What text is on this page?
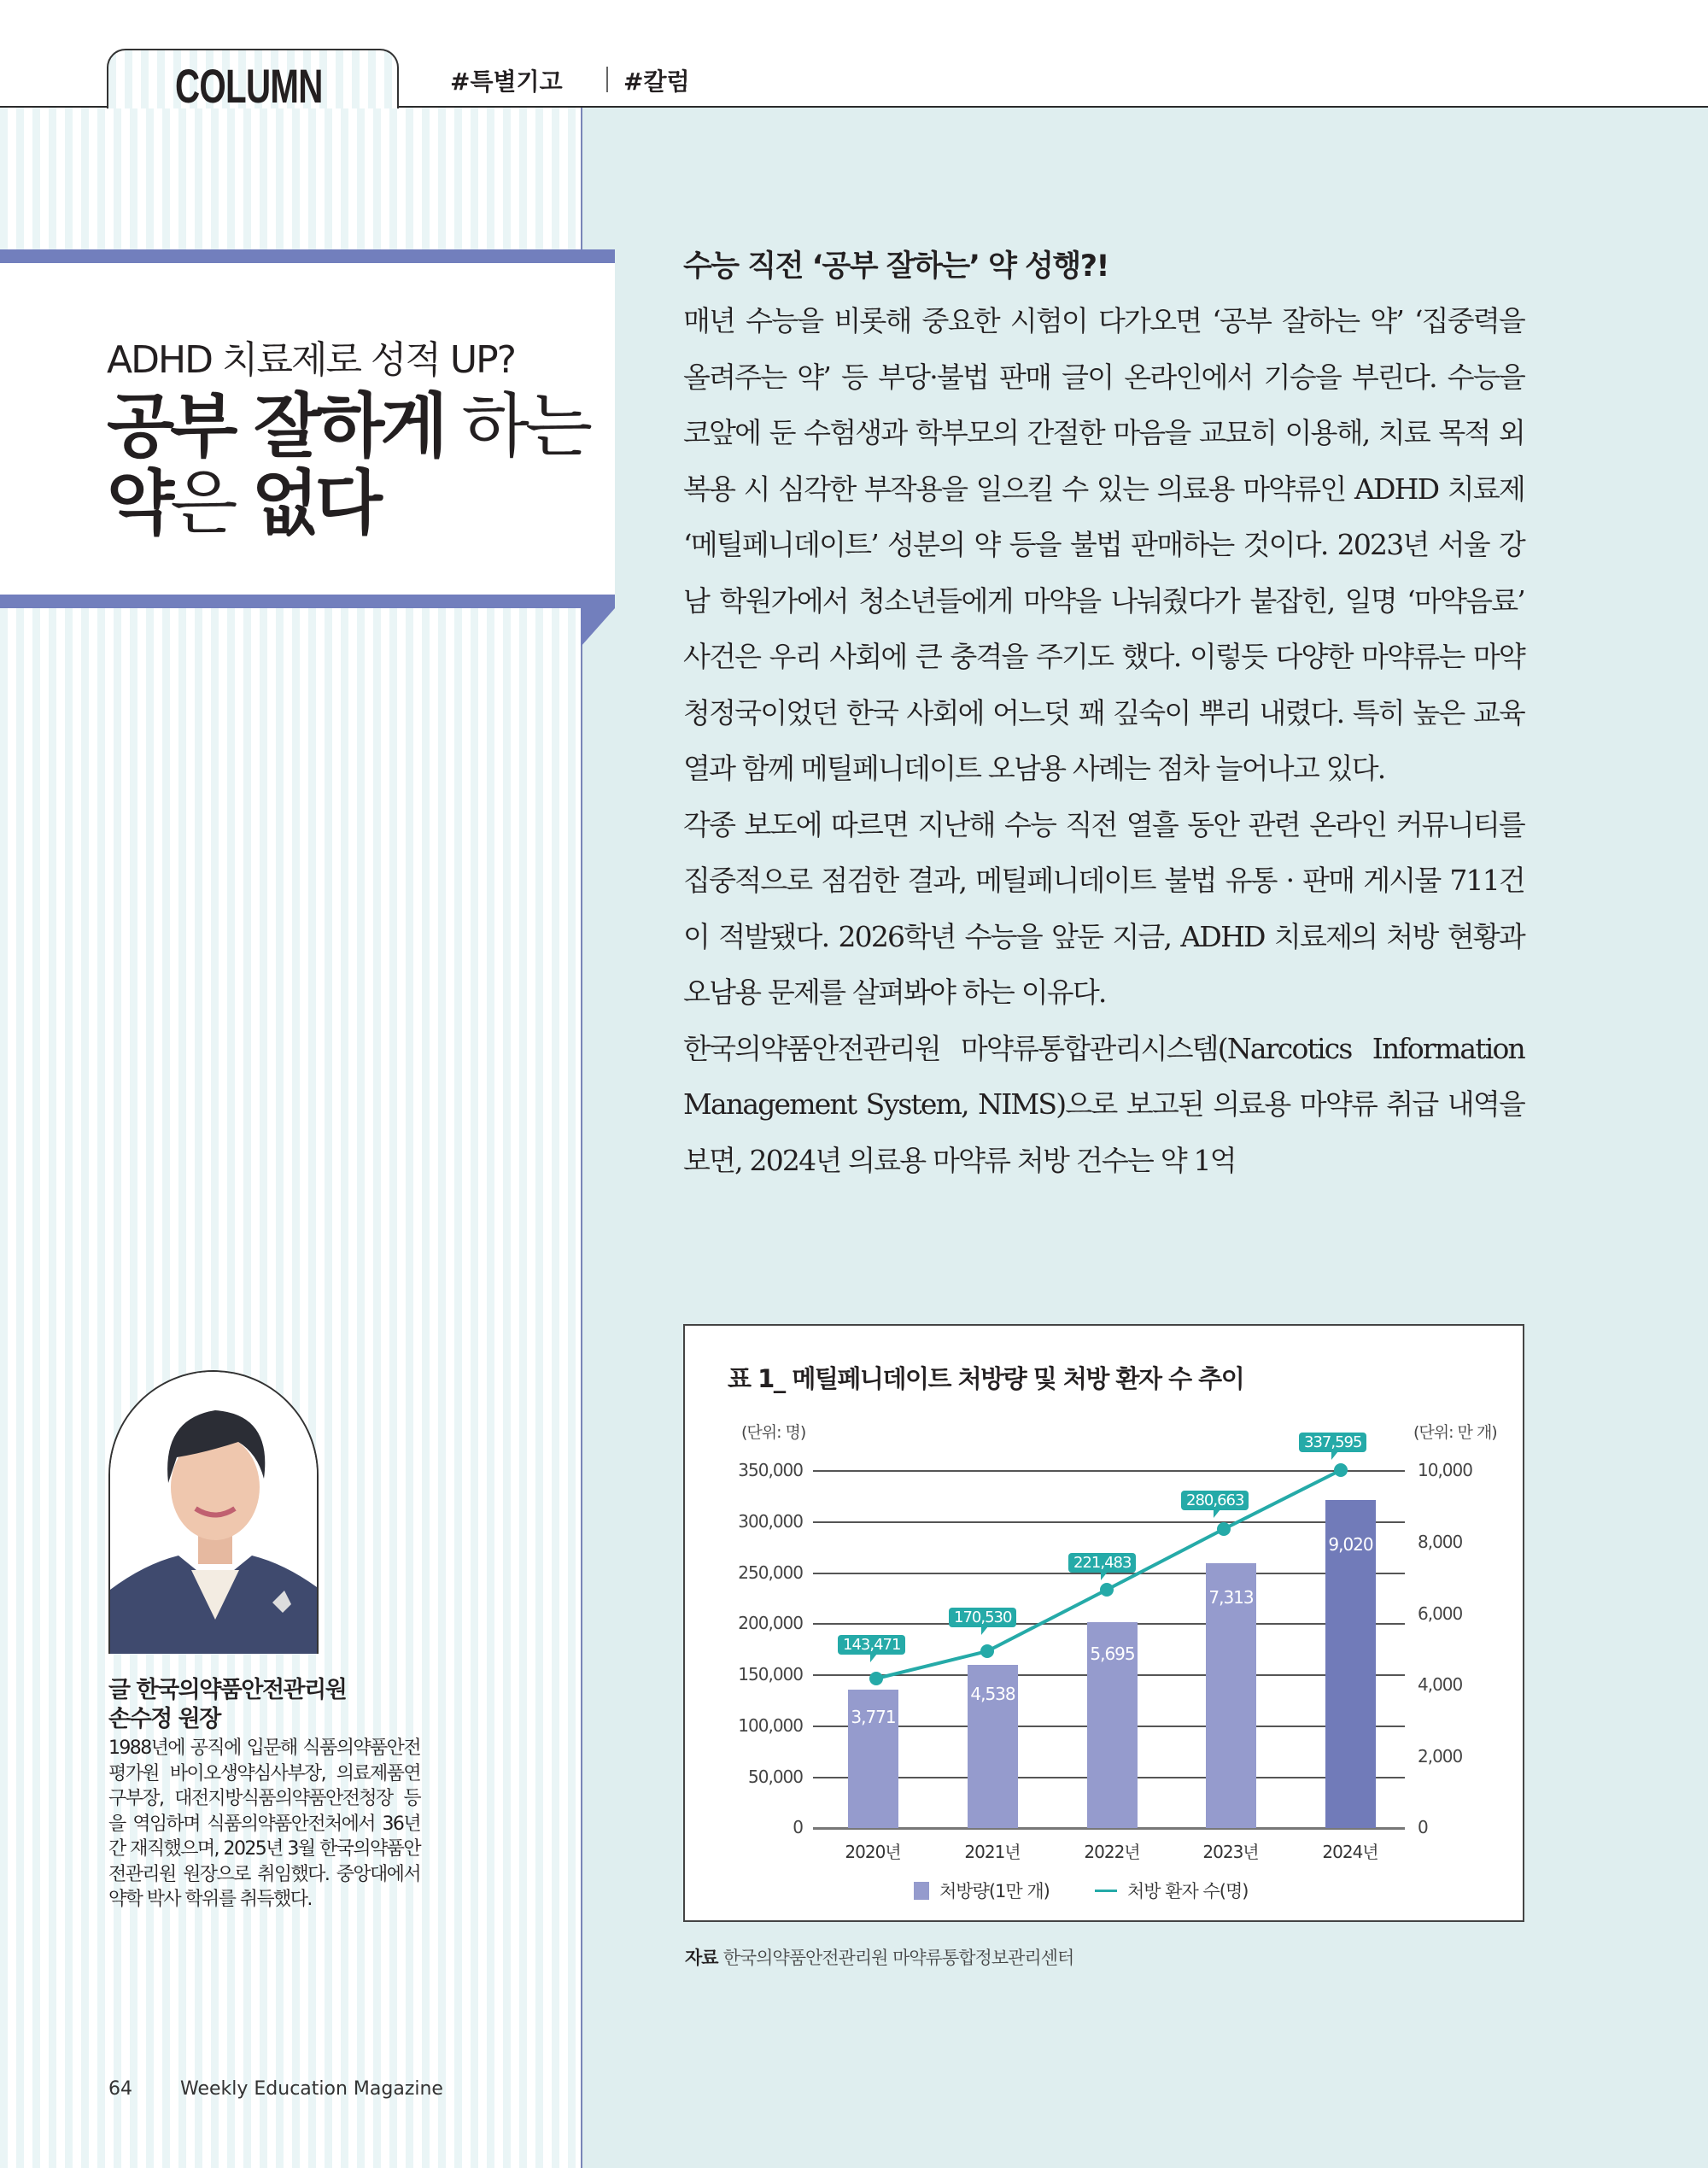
COLUMN	#특별기고	#칼럼
ADHD 치료제로 성적 UP?
공부 잘하게 하는
약은 없다
수능 직전 ‘공부 잘하는’ 약 성행?!

매년 수능을 비롯해 중요한 시험이 다가오면 ‘공부 잘하는 약’ ‘집중력을 올려주는 약’ 등 부당·불법 판매 글이 온라인에서 기승을 부린다. 수능을 코앞에 둔 수험생과 학부모의 간절한 마음을 교묘히 이용해, 치료 목적 외 복용 시 심각한 부작용을 일으킬 수 있는 의료용 마약류인 ADHD 치료제 ‘메틸페니데이트’ 성분의 약 등을 불법 판매하는 것이다. 2023년 서울 강남 학원가에서 청소년들에게 마약을 나눠줬다가 붙잡힌, 일명 ‘마약음료’ 사건은 우리 사회에 큰 충격을 주기도 했다. 이렇듯 다양한 마약류는 마약청정국이었던 한국 사회에 어느덧 꽤 깊숙이 뿌리 내렸다. 특히 높은 교육열과 함께 메틸페니데이트 오남용 사례는 점차 늘어나고 있다.

각종 보도에 따르면 지난해 수능 직전 열흘 동안 관련 온라인 커뮤니티를 집중적으로 점검한 결과, 메틸페니데이트 불법 유통 · 판매 게시물 711건이 적발됐다. 2026학년 수능을 앞둔 지금, ADHD 치료제의 처방 현황과 오남용 문제를 살펴봐야 하는 이유다.

한국의약품안전관리원 마약류통합관리시스템(Narcotics Information Management System, NIMS)으로 보고된 의료용 마약류 취급 내역을 보면, 2024년 의료용 마약류 처방 건수는 약 1억

표 1_ 메틸페니데이트 처방량 및 처방 환자 수 추이
(단위: 명)	(단위: 만 개)
350,000
300,000
250,000
200,000
150,000
100,000
50,000
0
10,000
8,000
6,000
4,000
2,000
0
3,771
4,538
5,695
7,313
9,020
143,471
170,530
221,483
280,663
337,595
2020년	2021년	2022년	2023년	2024년
처방량(1만 개)	처방 환자 수(명)
자료 한국의약품안전관리원 마약류통합정보관리센터
글 한국의약품안전관리원
손수정 원장
1988년에 공직에 입문해 식품의약품안전평가원 바이오생약심사부장, 의료제품연구부장, 대전지방식품의약품안전청장 등을 역임하며 식품의약품안전처에서 36년간 재직했으며, 2025년 3월 한국의약품안전관리원 원장으로 취임했다. 중앙대에서 약학 박사 학위를 취득했다.
64	Weekly Education Magazine
